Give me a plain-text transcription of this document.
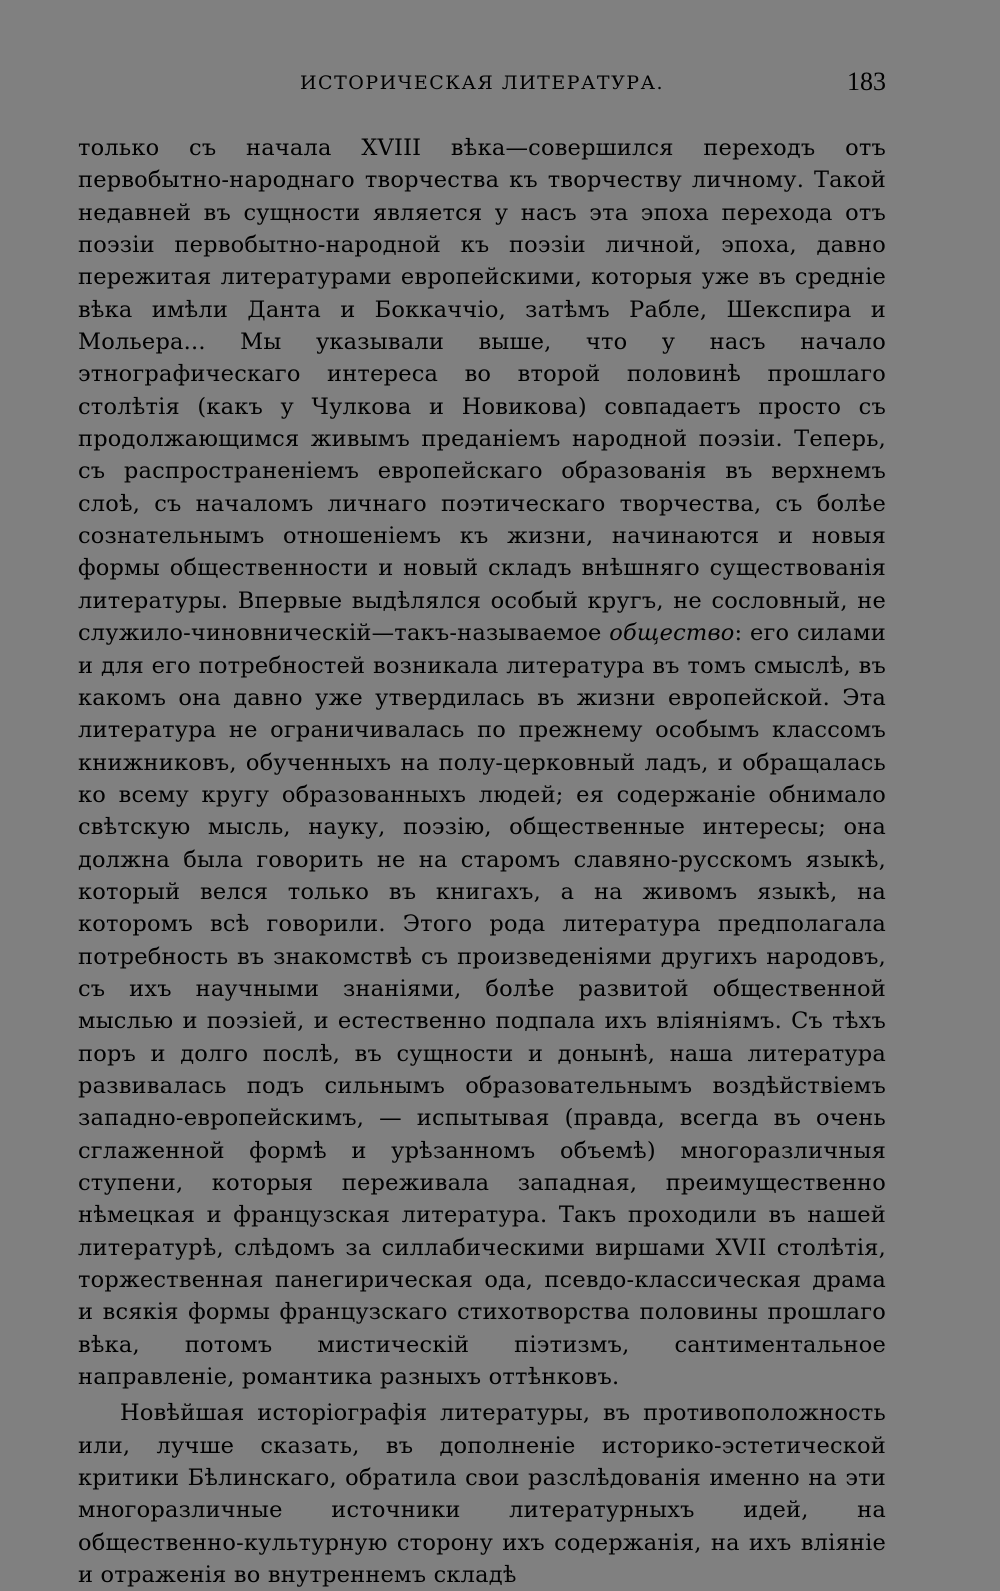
ИСТОРИЧЕСКАЯ ЛИТЕРАТУРА.	183

только съ начала XVIII вѣка—совершился переходъ отъ первобытно-народнаго творчества къ творчеству личному. Такой недавней въ сущности является у насъ эта эпоха перехода отъ поэзіи первобытно-народной къ поэзіи личной, эпоха, давно пережитая литературами европейскими, которыя уже въ средніе вѣка имѣли Данта и Боккаччіо, затѣмъ Рабле, Шекспира и Мольера... Мы указывали выше, что у насъ начало этнографическаго интереса во второй половинѣ прошлаго столѣтія (какъ у Чулкова и Новикова) совпадаетъ просто съ продолжающимся живымъ преданіемъ народной поэзіи. Теперь, съ распространеніемъ европейскаго образованія въ верхнемъ слоѣ, съ началомъ личнаго поэтическаго творчества, съ болѣе сознательнымъ отношеніемъ къ жизни, начинаются и новыя формы общественности и новый складъ внѣшняго существованія литературы. Впервые выдѣлялся особый кругъ, не сословный, не служило-чиновническій—такъ-называемое общество: его силами и для его потребностей возникала литература въ томъ смыслѣ, въ какомъ она давно уже утвердилась въ жизни европейской. Эта литература не ограничивалась по прежнему особымъ классомъ книжниковъ, обученныхъ на полу-церковный ладъ, и обращалась ко всему кругу образованныхъ людей; ея содержаніе обнимало свѣтскую мысль, науку, поэзію, общественные интересы; она должна была говорить не на старомъ славяно-русскомъ языкѣ, который велся только въ книгахъ, а на живомъ языкѣ, на которомъ всѣ говорили. Этого рода литература предполагала потребность въ знакомствѣ съ произведеніями другихъ народовъ, съ ихъ научными знаніями, болѣе развитой общественной мыслью и поэзіей, и естественно подпала ихъ вліяніямъ. Съ тѣхъ поръ и долго послѣ, въ сущности и донынѣ, наша литература развивалась подъ сильнымъ образовательнымъ воздѣйствіемъ западно-европейскимъ, — испытывая (правда, всегда въ очень сглаженной формѣ и урѣзанномъ объемѣ) многоразличныя ступени, которыя переживала западная, преимущественно нѣмецкая и французская литература. Такъ проходили въ нашей литературѣ, слѣдомъ за силлабическими виршами XVII столѣтія, торжественная панегирическая ода, псевдо-классическая драма и всякія формы французскаго стихотворства половины прошлаго вѣка, потомъ мистическій піэтизмъ, сантиментальное направленіе, романтика разныхъ оттѣнковъ.

Новѣйшая исторіографія литературы, въ противоположность или, лучше сказать, въ дополненіе историко-эстетической критики Бѣлинскаго, обратила свои разслѣдованія именно на эти многоразличные источники литературныхъ идей, на общественно-культурную сторону ихъ содержанія, на ихъ вліяніе и отраженія во внутреннемъ складѣ
